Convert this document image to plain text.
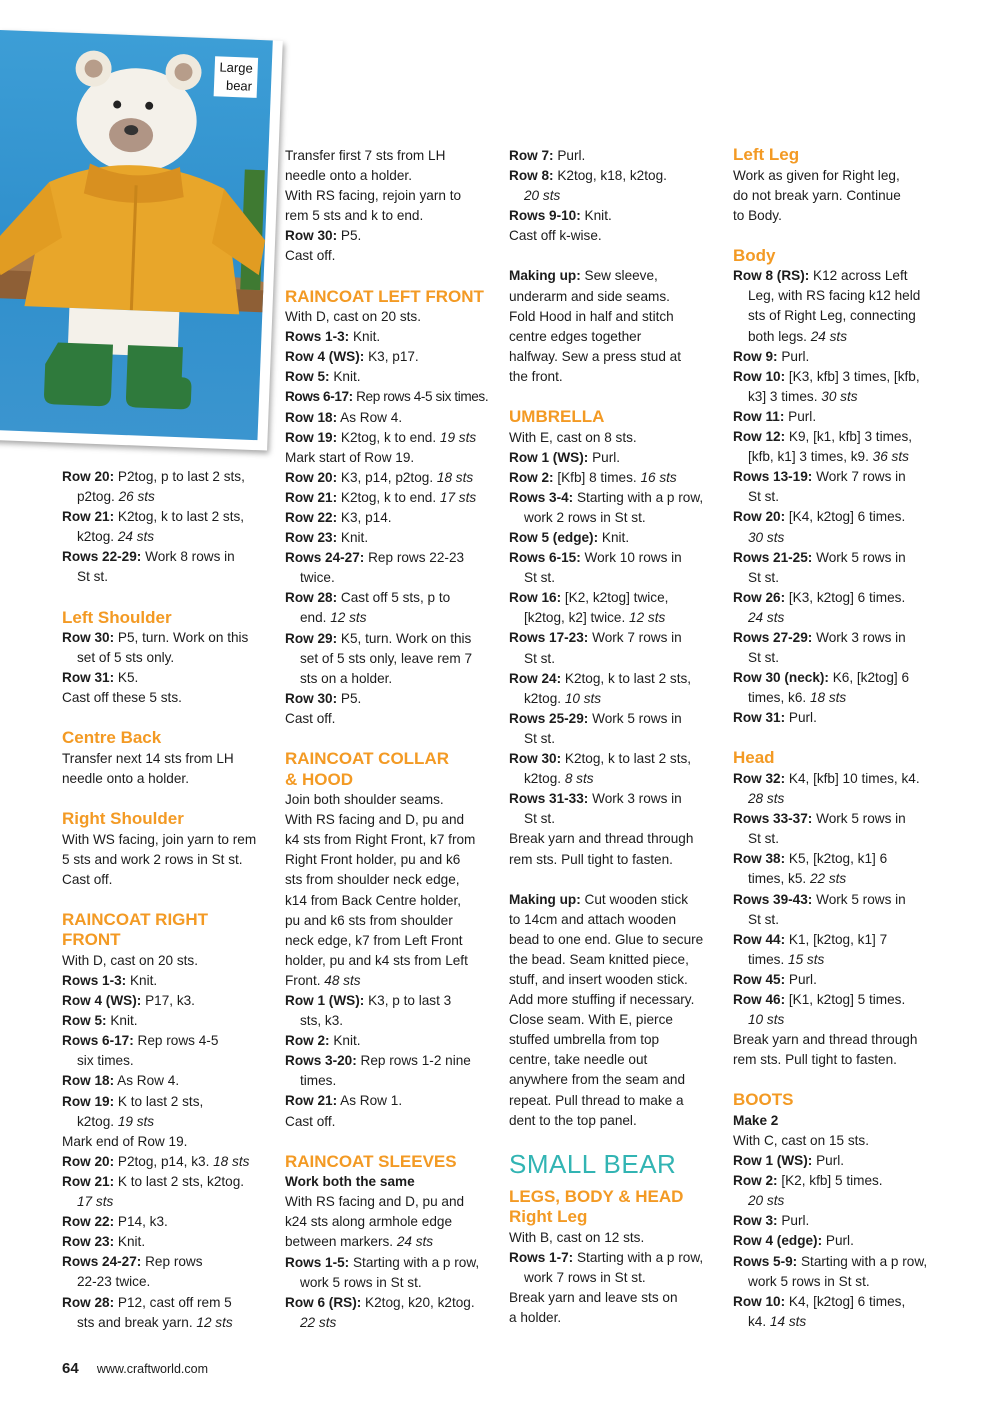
Large
bear

Row 20: P2tog, p to last 2 sts,

p2tog. 26 sts

Row 21: K2tog, k to last 2 sts,

k2tog. 24 sts

Rows 22-29: Work 8 rows in

St st.

Left Shoulder

Row 30: P5, turn. Work on this

set of 5 sts only.

Row 31: K5.

Cast off these 5 sts.

Centre Back

Transfer next 14 sts from LH

needle onto a holder.

Right Shoulder

With WS facing, join yarn to rem

5 sts and work 2 rows in St st.

Cast off.

RAINCOAT RIGHT

FRONT

With D, cast on 20 sts.

Rows 1-3: Knit.

Row 4 (WS): P17, k3.

Row 5: Knit.

Rows 6-17: Rep rows 4-5

six times.

Row 18: As Row 4.

Row 19: K to last 2 sts,

k2tog. 19 sts

Mark end of Row 19.

Row 20: P2tog, p14, k3. 18 sts

Row 21: K to last 2 sts, k2tog.

17 sts

Row 22: P14, k3.

Row 23: Knit.

Rows 24-27: Rep rows

22-23 twice.

Row 28: P12, cast off rem 5

sts and break yarn. 12 sts

Transfer first 7 sts from LH

needle onto a holder.

With RS facing, rejoin yarn to

rem 5 sts and k to end.

Row 30: P5.

Cast off.

RAINCOAT LEFT FRONT

With D, cast on 20 sts.

Rows 1-3: Knit.

Row 4 (WS): K3, p17.

Row 5: Knit.

Rows 6-17: Rep rows 4-5 six times.

Row 18: As Row 4.

Row 19: K2tog, k to end. 19 sts

Mark start of Row 19.

Row 20: K3, p14, p2tog. 18 sts

Row 21: K2tog, k to end. 17 sts

Row 22: K3, p14.

Row 23: Knit.

Rows 24-27: Rep rows 22-23

twice.

Row 28: Cast off 5 sts, p to

end. 12 sts

Row 29: K5, turn. Work on this

set of 5 sts only, leave rem 7

sts on a holder.

Row 30: P5.

Cast off.

RAINCOAT COLLAR

& HOOD

Join both shoulder seams.

With RS facing and D, pu and

k4 sts from Right Front, k7 from

Right Front holder, pu and k6

sts from shoulder neck edge,

k14 from Back Centre holder,

pu and k6 sts from shoulder

neck edge, k7 from Left Front

holder, pu and k4 sts from Left

Front. 48 sts

Row 1 (WS): K3, p to last 3

sts, k3.

Row 2: Knit.

Rows 3-20: Rep rows 1-2 nine

times.

Row 21: As Row 1.

Cast off.

RAINCOAT SLEEVES

Work both the same

With RS facing and D, pu and

k24 sts along armhole edge

between markers. 24 sts

Rows 1-5: Starting with a p row,

work 5 rows in St st.

Row 6 (RS): K2tog, k20, k2tog.

22 sts

Row 7: Purl.

Row 8: K2tog, k18, k2tog.

20 sts

Rows 9-10: Knit.

Cast off k-wise.

Making up: Sew sleeve,

underarm and side seams.

Fold Hood in half and stitch

centre edges together

halfway. Sew a press stud at

the front.

UMBRELLA

With E, cast on 8 sts.

Row 1 (WS): Purl.

Row 2: [Kfb] 8 times. 16 sts

Rows 3-4: Starting with a p row,

work 2 rows in St st.

Row 5 (edge): Knit.

Rows 6-15: Work 10 rows in

St st.

Row 16: [K2, k2tog] twice,

[k2tog, k2] twice. 12 sts

Rows 17-23: Work 7 rows in

St st.

Row 24: K2tog, k to last 2 sts,

k2tog. 10 sts

Rows 25-29: Work 5 rows in

St st.

Row 30: K2tog, k to last 2 sts,

k2tog. 8 sts

Rows 31-33: Work 3 rows in

St st.

Break yarn and thread through

rem sts. Pull tight to fasten.

Making up: Cut wooden stick

to 14cm and attach wooden

bead to one end. Glue to secure

the bead. Seam knitted piece,

stuff, and insert wooden stick.

Add more stuffing if necessary.

Close seam. With E, pierce

stuffed umbrella from top

centre, take needle out

anywhere from the seam and

repeat. Pull thread to make a

dent to the top panel.

SMALL BEAR

LEGS, BODY & HEAD

Right Leg

With B, cast on 12 sts.

Rows 1-7: Starting with a p row,

work 7 rows in St st.

Break yarn and leave sts on

a holder.

Left Leg

Work as given for Right leg,

do not break yarn. Continue

to Body.

Body

Row 8 (RS): K12 across Left

Leg, with RS facing k12 held

sts of Right Leg, connecting

both legs. 24 sts

Row 9: Purl.

Row 10: [K3, kfb] 3 times, [kfb,

k3] 3 times. 30 sts

Row 11: Purl.

Row 12: K9, [k1, kfb] 3 times,

[kfb, k1] 3 times, k9. 36 sts

Rows 13-19: Work 7 rows in

St st.

Row 20: [K4, k2tog] 6 times.

30 sts

Rows 21-25: Work 5 rows in

St st.

Row 26: [K3, k2tog] 6 times.

24 sts

Rows 27-29: Work 3 rows in

St st.

Row 30 (neck): K6, [k2tog] 6

times, k6. 18 sts

Row 31: Purl.

Head

Row 32: K4, [kfb] 10 times, k4.

28 sts

Rows 33-37: Work 5 rows in

St st.

Row 38: K5, [k2tog, k1] 6

times, k5. 22 sts

Rows 39-43: Work 5 rows in

St st.

Row 44: K1, [k2tog, k1] 7

times. 15 sts

Row 45: Purl.

Row 46: [K1, k2tog] 5 times.

10 sts

Break yarn and thread through

rem sts. Pull tight to fasten.

BOOTS

Make 2

With C, cast on 15 sts.

Row 1 (WS): Purl.

Row 2: [K2, kfb] 5 times.

20 sts

Row 3: Purl.

Row 4 (edge): Purl.

Rows 5-9: Starting with a p row,

work 5 rows in St st.

Row 10: K4, [k2tog] 6 times,

k4. 14 sts

64 www.craftworld.com
